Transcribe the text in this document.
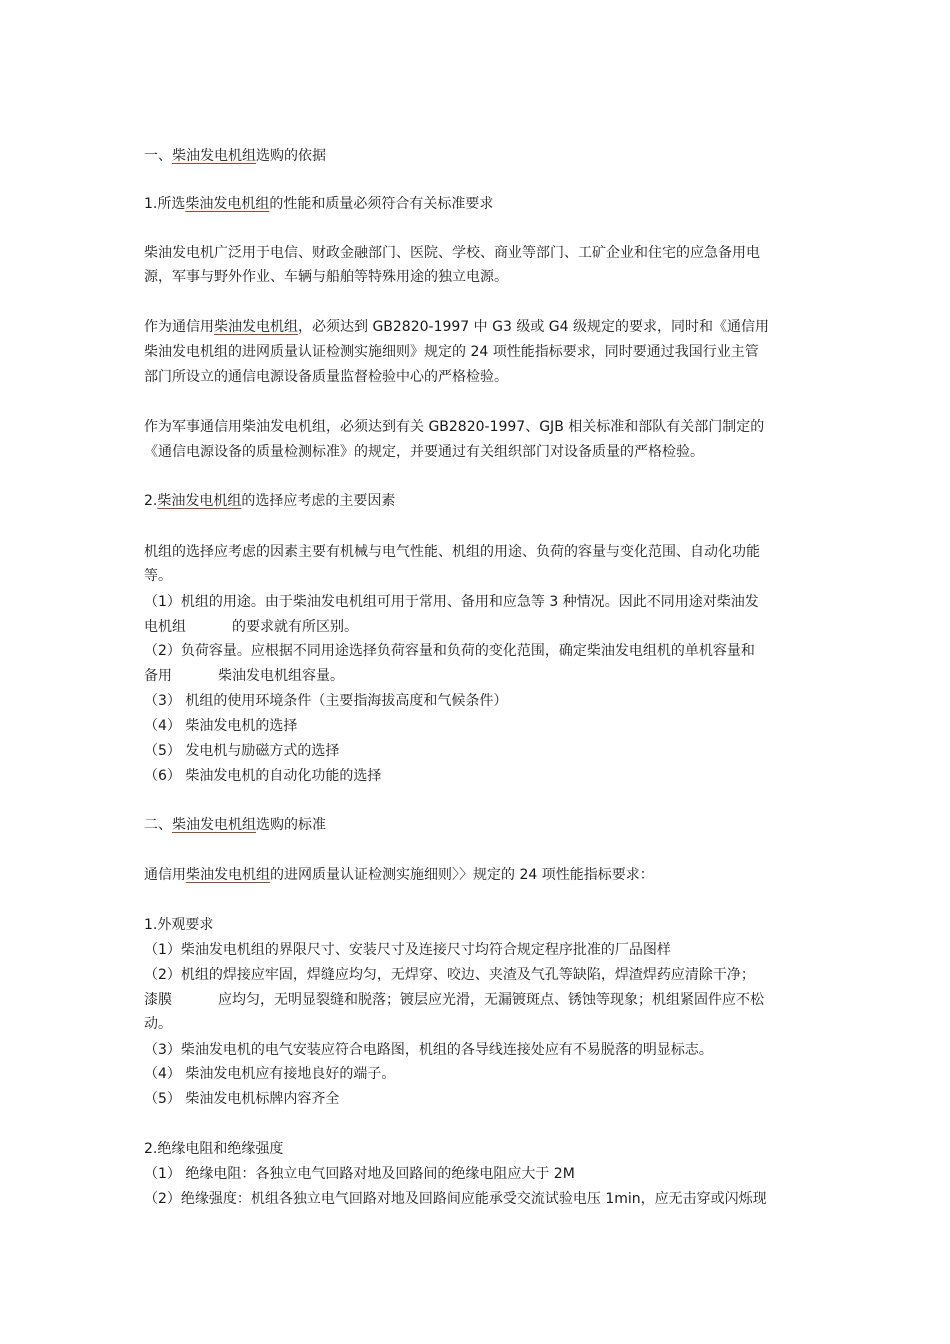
一、柴油发电机组选购的依据
1.所选柴油发电机组的性能和质量必须符合有关标准要求
柴油发电机广泛用于电信、财政金融部门、医院、学校、商业等部门、工矿企业和住宅的应急备用电
源，军事与野外作业、车辆与船舶等特殊用途的独立电源。
作为通信用柴油发电机组，必须达到 GB2820-1997 中 G3 级或 G4 级规定的要求，同时和《通信用
柴油发电机组的进网质量认证检测实施细则》规定的 24 项性能指标要求，同时要通过我国行业主管
部门所设立的通信电源设备质量监督检验中心的严格检验。
作为军事通信用柴油发电机组，必须达到有关 GB2820-1997、GJB 相关标准和部队有关部门制定的
《通信电源设备的质量检测标准》的规定，并要通过有关组织部门对设备质量的严格检验。
2.柴油发电机组的选择应考虑的主要因素
机组的选择应考虑的因素主要有机械与电气性能、机组的用途、负荷的容量与变化范围、自动化功能
等。
（1）机组的用途。由于柴油发电机组可用于常用、备用和应急等 3 种情况。因此不同用途对柴油发
电机组	的要求就有所区别。
（2）负荷容量。应根据不同用途选择负荷容量和负荷的变化范围，确定柴油发电组机的单机容量和
备用	柴油发电机组容量。
（3） 机组的使用环境条件（主要指海拔高度和气候条件）
（4） 柴油发电机的选择
（5） 发电机与励磁方式的选择
（6） 柴油发电机的自动化功能的选择
二、柴油发电机组选购的标准
通信用柴油发电机组的进网质量认证检测实施细则〉〉规定的 24 项性能指标要求：
1.外观要求
（1）柴油发电机组的界限尺寸、安装尺寸及连接尺寸均符合规定程序批准的厂品图样
（2）机组的焊接应牢固，焊缝应均匀，无焊穿、咬边、夹渣及气孔等缺陷，焊渣焊药应清除干净；
漆膜	应均匀，无明显裂缝和脱落；镀层应光滑，无漏镀斑点、锈蚀等现象；机组紧固件应不松
动。
（3）柴油发电机的电气安装应符合电路图，机组的各导线连接处应有不易脱落的明显标志。
（4） 柴油发电机应有接地良好的端子。
（5） 柴油发电机标牌内容齐全
2.绝缘电阻和绝缘强度
（1） 绝缘电阻：各独立电气回路对地及回路间的绝缘电阻应大于 2M
（2）绝缘强度：机组各独立电气回路对地及回路间应能承受交流试验电压 1min，应无击穿或闪烁现
